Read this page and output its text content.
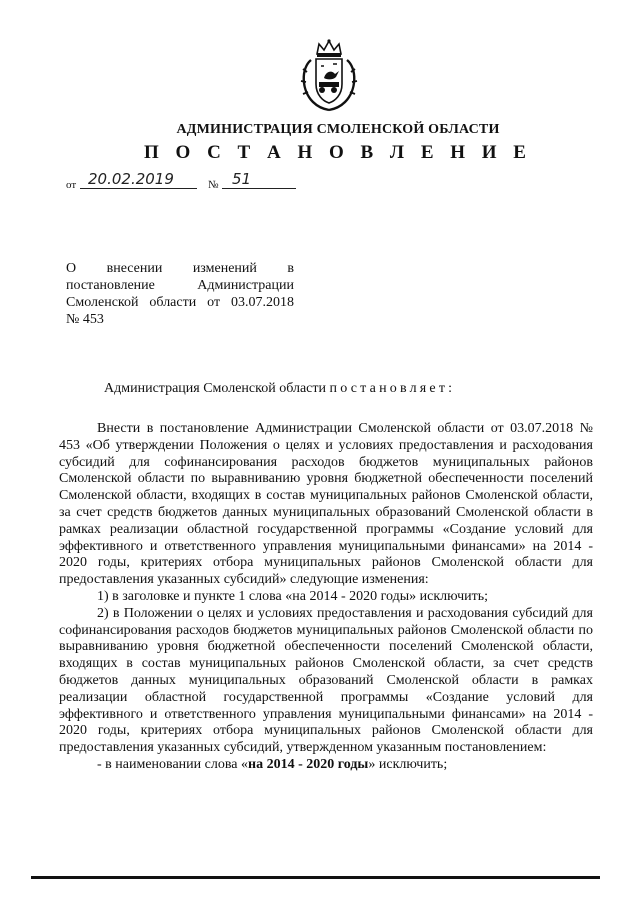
АДМИНИСТРАЦИЯ СМОЛЕНСКОЙ ОБЛАСТИ
П О С Т А Н О В Л Е Н И Е
от 20.02.2019	№ 51
О внесении изменений в
постановление Администрации
Смоленской области от 03.07.2018
№ 453
Администрация Смоленской области постановляет:

Внести в постановление Администрации Смоленской области от 03.07.2018 № 453 «Об утверждении Положения о целях и условиях предоставления и расходования субсидий для софинансирования расходов бюджетов муниципальных районов Смоленской области по выравниванию уровня бюджетной обеспеченности поселений Смоленской области, входящих в состав муниципальных районов Смоленской области, за счет средств бюджетов данных муниципальных образований Смоленской области в рамках реализации областной государственной программы «Создание условий для эффективного и ответственного управления муниципальными финансами» на 2014 - 2020 годы, критериях отбора муниципальных районов Смоленской области для предоставления указанных субсидий» следующие изменения:

1) в заголовке и пункте 1 слова «на 2014 - 2020 годы» исключить;

2) в Положении о целях и условиях предоставления и расходования субсидий для софинансирования расходов бюджетов муниципальных районов Смоленской области по выравниванию уровня бюджетной обеспеченности поселений Смоленской области, входящих в состав муниципальных районов Смоленской области, за счет средств бюджетов данных муниципальных образований Смоленской области в рамках реализации областной государственной программы «Создание условий для эффективного и ответственного управления муниципальными финансами» на 2014 - 2020 годы, критериях отбора муниципальных районов Смоленской области для предоставления указанных субсидий, утвержденном указанным постановлением:

- в наименовании слова «на 2014 - 2020 годы» исключить;
